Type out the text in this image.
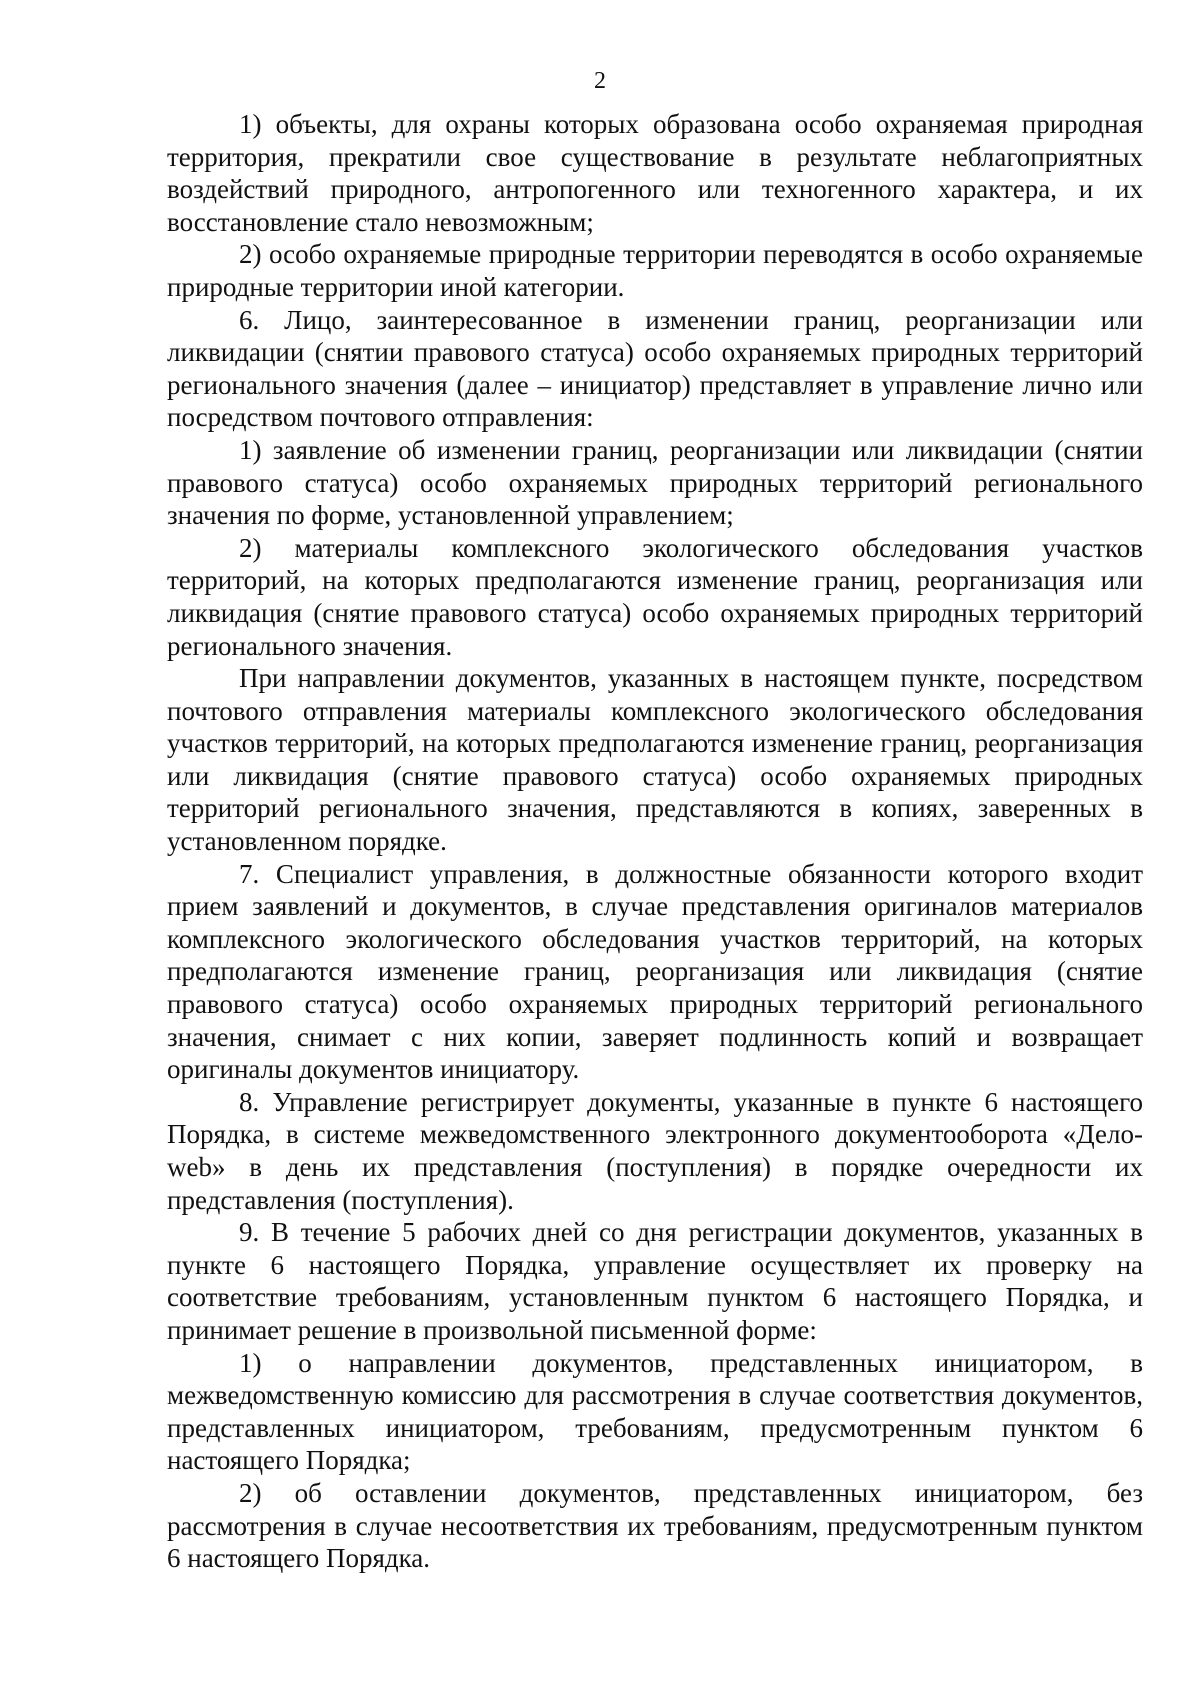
2

1) объекты, для охраны которых образована особо охраняемая природная территория, прекратили свое существование в результате неблагоприятных воздействий природного, антропогенного или техногенного характера, и их восстановление стало невозможным;

2) особо охраняемые природные территории переводятся в особо охраняемые природные территории иной категории.

6. Лицо, заинтересованное в изменении границ, реорганизации или ликвидации (снятии правового статуса) особо охраняемых природных территорий регионального значения (далее – инициатор) представляет в управление лично или посредством почтового отправления:

1) заявление об изменении границ, реорганизации или ликвидации (снятии правового статуса) особо охраняемых природных территорий регионального значения по форме, установленной управлением;

2) материалы комплексного экологического обследования участков территорий, на которых предполагаются изменение границ, реорганизация или ликвидация (снятие правового статуса) особо охраняемых природных территорий регионального значения.

При направлении документов, указанных в настоящем пункте, посредством почтового отправления материалы комплексного экологического обследования участков территорий, на которых предполагаются изменение границ, реорганизация или ликвидация (снятие правового статуса) особо охраняемых природных территорий регионального значения, представляются в копиях, заверенных в установленном порядке.

7. Специалист управления, в должностные обязанности которого входит прием заявлений и документов, в случае представления оригиналов материалов комплексного экологического обследования участков территорий, на которых предполагаются изменение границ, реорганизация или ликвидация (снятие правового статуса) особо охраняемых природных территорий регионального значения, снимает с них копии, заверяет подлинность копий и возвращает оригиналы документов инициатору.

8. Управление регистрирует документы, указанные в пункте 6 настоящего Порядка, в системе межведомственного электронного документооборота «Дело-web» в день их представления (поступления) в порядке очередности их представления (поступления).

9. В течение 5 рабочих дней со дня регистрации документов, указанных в пункте 6 настоящего Порядка, управление осуществляет их проверку на соответствие требованиям, установленным пунктом 6 настоящего Порядка, и принимает решение в произвольной письменной форме:

1) о направлении документов, представленных инициатором, в межведомственную комиссию для рассмотрения в случае соответствия документов, представленных инициатором, требованиям, предусмотренным пунктом 6 настоящего Порядка;

2) об оставлении документов, представленных инициатором, без рассмотрения в случае несоответствия их требованиям, предусмотренным пунктом 6 настоящего Порядка.
